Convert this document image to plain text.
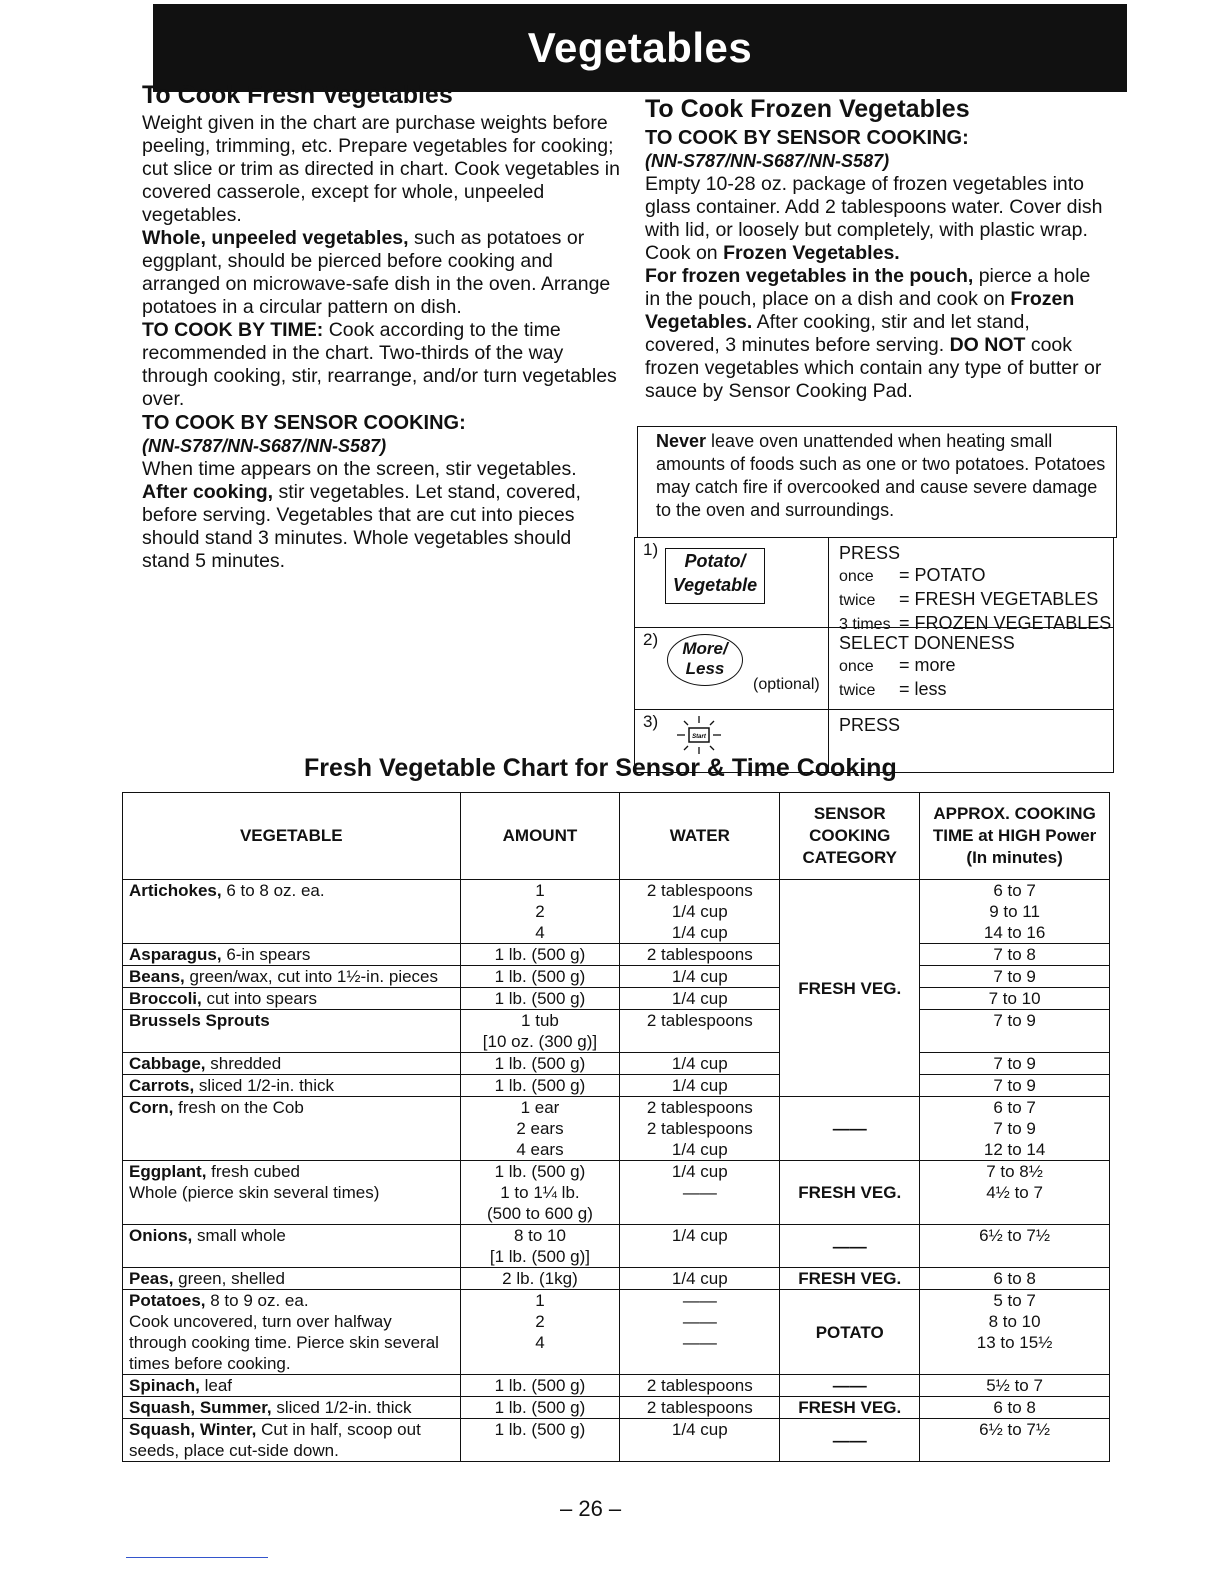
Vegetables
To Cook Fresh Vegetables

Weight given in the chart are purchase weights before peeling, trimming, etc. Prepare vegetables for cooking; cut slice or trim as directed in chart. Cook vegetables in covered casserole, except for whole, unpeeled vegetables.

Whole, unpeeled vegetables, such as potatoes or eggplant, should be pierced before cooking and arranged on microwave-safe dish in the oven. Arrange potatoes in a circular pattern on dish.

TO COOK BY TIME: Cook according to the time recommended in the chart. Two-thirds of the way through cooking, stir, rearrange, and/or turn vegetables over.

TO COOK BY SENSOR COOKING:
(NN-S787/NN-S687/NN-S587)

When time appears on the screen, stir vegetables.

After cooking, stir vegetables. Let stand, covered, before serving. Vegetables that are cut into pieces should stand 3 minutes. Whole vegetables should stand 5 minutes.

To Cook Frozen Vegetables
TO COOK BY SENSOR COOKING:
(NN-S787/NN-S687/NN-S587)

Empty 10-28 oz. package of frozen vegetables into glass container. Add 2 tablespoons water. Cover dish with lid, or loosely but completely, with plastic wrap. Cook on Frozen Vegetables.

For frozen vegetables in the pouch, pierce a hole in the pouch, place on a dish and cook on Frozen Vegetables. After cooking, stir and let stand, covered, 3 minutes before serving. DO NOT cook frozen vegetables which contain any type of butter or sauce by Sensor Cooking Pad.

Never leave oven unattended when heating small amounts of foods such as one or two potatoes. Potatoes may catch fire if overcooked and cause severe damage to the oven and surroundings.
1)
Potato/
Vegetable
PRESS
once = POTATO
twice = FRESH VEGETABLES
3 times = FROZEN VEGETABLES
2)	More/
Less
(optional)
SELECT DONENESS
once = more
twice = less
3)
Start
PRESS
Fresh Vegetable Chart for Sensor & Time Cooking
VEGETABLE	AMOUNT	WATER	SENSOR COOKING CATEGORY	APPROX. COOKING TIME at HIGH Power (In minutes)
Artichokes, 6 to 8 oz. ea.	1
2
4	2 tablespoons
1/4 cup
1/4 cup	FRESH VEG.	6 to 7
9 to 11
14 to 16
Asparagus, 6-in spears	1 lb. (500 g)	2 tablespoons		7 to 8
Beans, green/wax, cut into 1½-in. pieces	1 lb. (500 g)	1/4 cup		7 to 9
Broccoli, cut into spears	1 lb. (500 g)	1/4 cup		7 to 10
Brussels Sprouts	1 tub
[10 oz. (300 g)]	2 tablespoons		7 to 9
Cabbage, shredded	1 lb. (500 g)	1/4 cup		7 to 9
Carrots, sliced 1/2-in. thick	1 lb. (500 g)	1/4 cup		7 to 9
Corn, fresh on the Cob	1 ear
2 ears
4 ears	2 tablespoons
2 tablespoons
1/4 cup	——	6 to 7
7 to 9
12 to 14
Eggplant, fresh cubed
Whole (pierce skin several times)	1 lb. (500 g)
1 to 1¼ lb.
(500 to 600 g)	1/4 cup
——	FRESH VEG.	7 to 8½
4½ to 7
Onions, small whole	8 to 10
[1 lb. (500 g)]	1/4 cup	——	6½ to 7½
Peas, green, shelled	2 lb. (1kg)	1/4 cup	FRESH VEG.	6 to 8
Potatoes, 8 to 9 oz. ea.
Cook uncovered, turn over halfway through cooking time. Pierce skin several times before cooking.	1
2
4	——
——
——	POTATO	5 to 7
8 to 10
13 to 15½
Spinach, leaf	1 lb. (500 g)	2 tablespoons	——	5½ to 7
Squash, Summer, sliced 1/2-in. thick	1 lb. (500 g)	2 tablespoons	FRESH VEG.	6 to 8
Squash, Winter, Cut in half, scoop out seeds, place cut-side down.	1 lb. (500 g)	1/4 cup	——	6½ to 7½
– 26 –
